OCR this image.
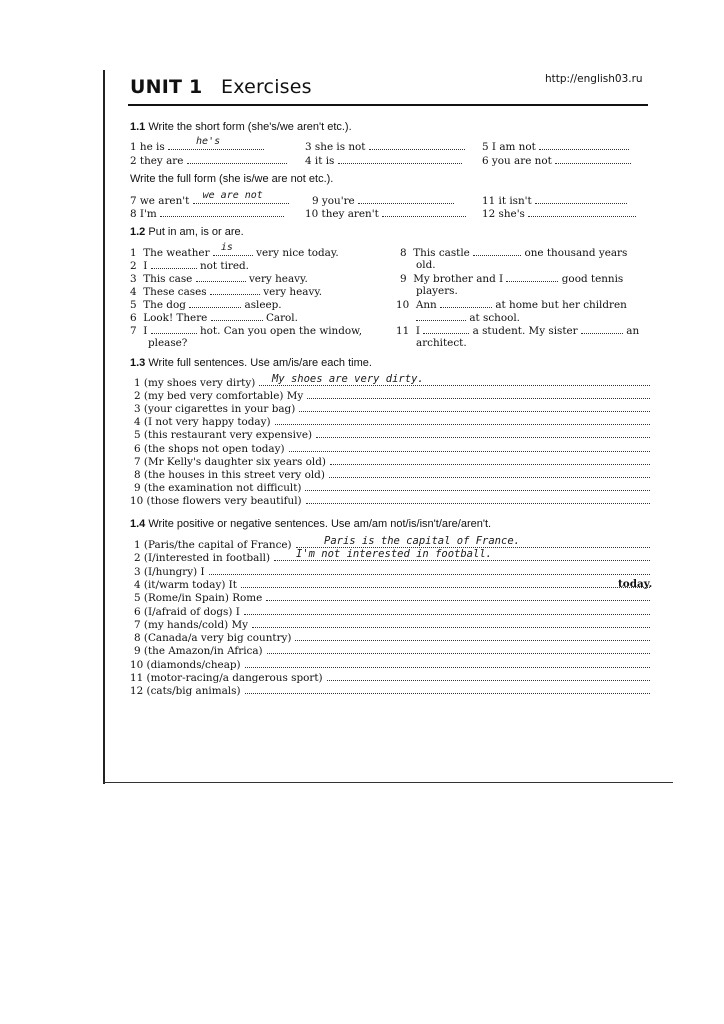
UNIT 1 Exercises	http://english03.ru
1.1 Write the short form (she's/we aren't etc.).
1 he is	he's
2 they are
3 she is not
4 it is
5 I am not
6 you are not
Write the full form (she is/we are not etc.).
7 we aren't we are not
8 I'm
9 you're
10 they aren't
11 it isn't
12 she's
1.2 Put in am, is or are.
1 The weather is very nice today.
2 I	not tired.
3 This case	very heavy.
4 These cases	very heavy.
5 The dog	asleep.
6 Look! There	Carol.
7 I	hot. Can you open the window,
please?
8 This castle	one thousand years
old.
9 My brother and I	good tennis
players.
10 Ann	at home but her children
at school.
11 I	a student. My sister	an
architect.
1.3 Write full sentences. Use am/is/are each time.
My shoes are very dirty.
1.4 Write positive or negative sentences. Use am/am not/is/isn't/are/aren't.
Paris is the capital of France.
I'm not interested in football.
today.
1 (my shoes very dirty)
2 (my bed very comfortable) My
3 (your cigarettes in your bag)
4 (I not very happy today)
5 (this restaurant very expensive)
6 (the shops not open today)
7 (Mr Kelly's daughter six years old)
8 (the houses in this street very old)
9 (the examination not difficult)
10 (those flowers very beautiful)
1 (Paris/the capital of France)
2 (I/interested in football)
3 (I/hungry) I
4 (it/warm today) It
5 (Rome/in Spain) Rome
6 (I/afraid of dogs) I
7 (my hands/cold) My
8 (Canada/a very big country)
9 (the Amazon/in Africa)
10 (diamonds/cheap)
11 (motor-racing/a dangerous sport)
12 (cats/big animals)
